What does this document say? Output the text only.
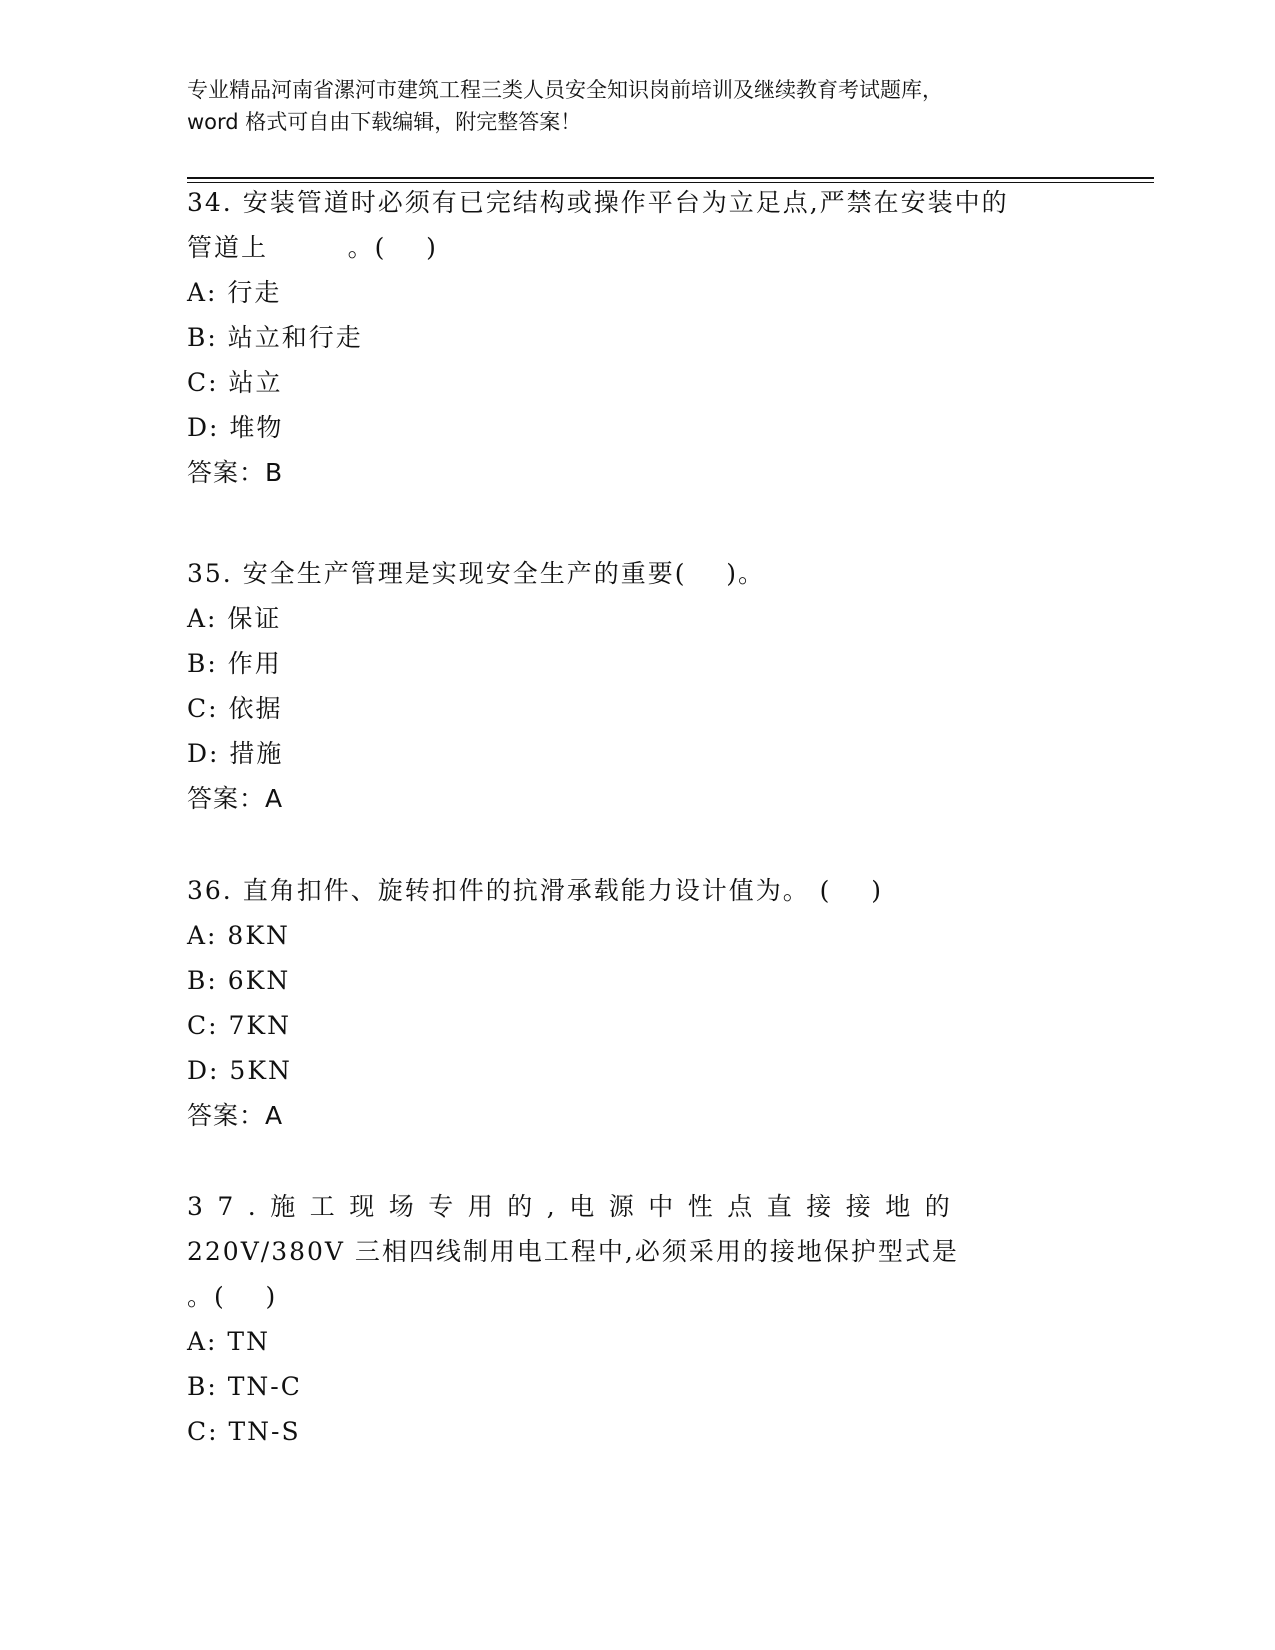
专业精品河南省漯河市建筑工程三类人员安全知识岗前培训及继续教育考试题库，
word 格式可自由下载编辑，附完整答案！
34. 安装管道时必须有已完结构或操作平台为立足点,严禁在安装中的
管道上        。(    )
A: 行走
B: 站立和行走
C: 站立
D: 堆物
答案：B
35. 安全生产管理是实现安全生产的重要(    )。
A: 保证
B: 作用
C: 依据
D: 措施
答案：A
36. 直角扣件、旋转扣件的抗滑承载能力设计值为。 (    )
A: 8KN
B: 6KN
C: 7KN
D: 5KN
答案：A
37.施工现场专用的,电源中性点直接接地的
220V/380V 三相四线制用电工程中,必须采用的接地保护型式是
。(    )
A: TN
B: TN-C
C: TN-S
